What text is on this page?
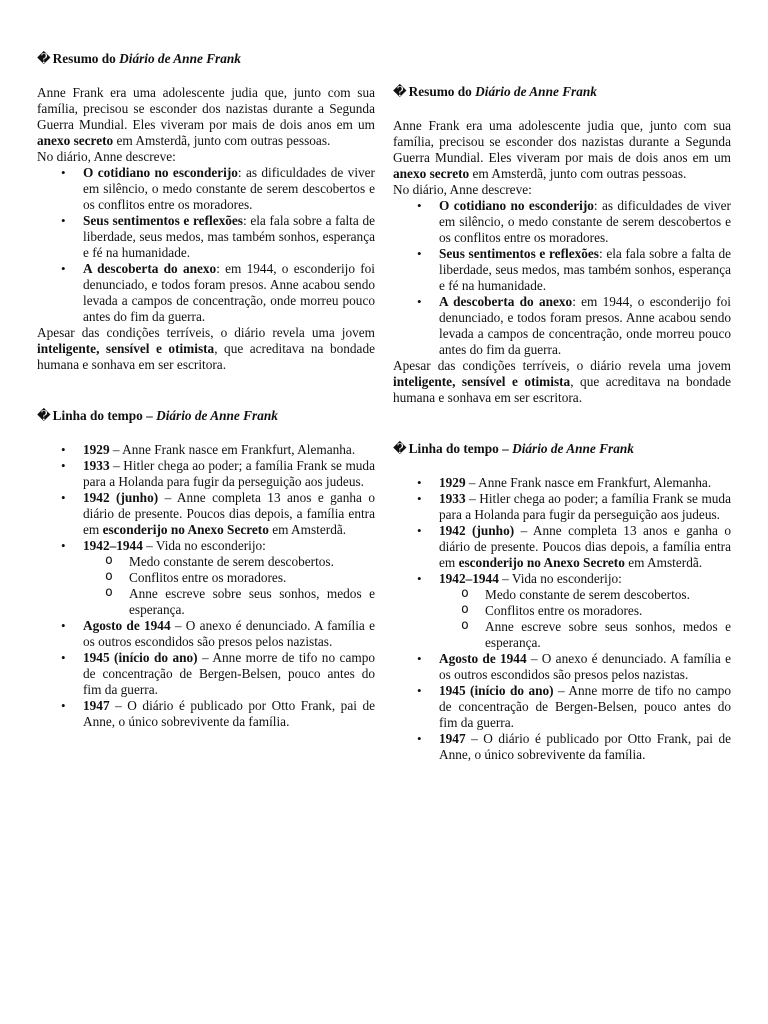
� Resumo do Diário de Anne Frank

Anne Frank era uma adolescente judia que, junto com sua família, precisou se esconder dos nazistas durante a Segunda Guerra Mundial. Eles viveram por mais de dois anos em um anexo secreto em Amsterdã, junto com outras pessoas.

No diário, Anne descreve:

• O cotidiano no esconderijo: as dificuldades de viver em silêncio, o medo constante de serem descobertos e os conflitos entre os moradores.
• Seus sentimentos e reflexões: ela fala sobre a falta de liberdade, seus medos, mas também sonhos, esperança e fé na humanidade.
• A descoberta do anexo: em 1944, o esconderijo foi denunciado, e todos foram presos. Anne acabou sendo levada a campos de concentração, onde morreu pouco antes do fim da guerra.

Apesar das condições terríveis, o diário revela uma jovem inteligente, sensível e otimista, que acreditava na bondade humana e sonhava em ser escritora.

� Linha do tempo – Diário de Anne Frank
• 1929 – Anne Frank nasce em Frankfurt, Alemanha.
• 1933 – Hitler chega ao poder; a família Frank se muda para a Holanda para fugir da perseguição aos judeus.
• 1942 (junho) – Anne completa 13 anos e ganha o diário de presente. Poucos dias depois, a família entra em esconderijo no Anexo Secreto em Amsterdã.
• 1942–1944 – Vida no esconderijo:
o Medo constante de serem descobertos.
o Conflitos entre os moradores.
o Anne escreve sobre seus sonhos, medos e esperança.
• Agosto de 1944 – O anexo é denunciado. A família e os outros escondidos são presos pelos nazistas.
• 1945 (início do ano) – Anne morre de tifo no campo de concentração de Bergen-Belsen, pouco antes do fim da guerra.
• 1947 – O diário é publicado por Otto Frank, pai de Anne, o único sobrevivente da família.
� Resumo do Diário de Anne Frank

Anne Frank era uma adolescente judia que, junto com sua família, precisou se esconder dos nazistas durante a Segunda Guerra Mundial. Eles viveram por mais de dois anos em um anexo secreto em Amsterdã, junto com outras pessoas.

No diário, Anne descreve:

• O cotidiano no esconderijo: as dificuldades de viver em silêncio, o medo constante de serem descobertos e os conflitos entre os moradores.
• Seus sentimentos e reflexões: ela fala sobre a falta de liberdade, seus medos, mas também sonhos, esperança e fé na humanidade.
• A descoberta do anexo: em 1944, o esconderijo foi denunciado, e todos foram presos. Anne acabou sendo levada a campos de concentração, onde morreu pouco antes do fim da guerra.

Apesar das condições terríveis, o diário revela uma jovem inteligente, sensível e otimista, que acreditava na bondade humana e sonhava em ser escritora.

� Linha do tempo – Diário de Anne Frank
• 1929 – Anne Frank nasce em Frankfurt, Alemanha.
• 1933 – Hitler chega ao poder; a família Frank se muda para a Holanda para fugir da perseguição aos judeus.
• 1942 (junho) – Anne completa 13 anos e ganha o diário de presente. Poucos dias depois, a família entra em esconderijo no Anexo Secreto em Amsterdã.
• 1942–1944 – Vida no esconderijo:
o Medo constante de serem descobertos.
o Conflitos entre os moradores.
o Anne escreve sobre seus sonhos, medos e esperança.
• Agosto de 1944 – O anexo é denunciado. A família e os outros escondidos são presos pelos nazistas.
• 1945 (início do ano) – Anne morre de tifo no campo de concentração de Bergen-Belsen, pouco antes do fim da guerra.
• 1947 – O diário é publicado por Otto Frank, pai de Anne, o único sobrevivente da família.
